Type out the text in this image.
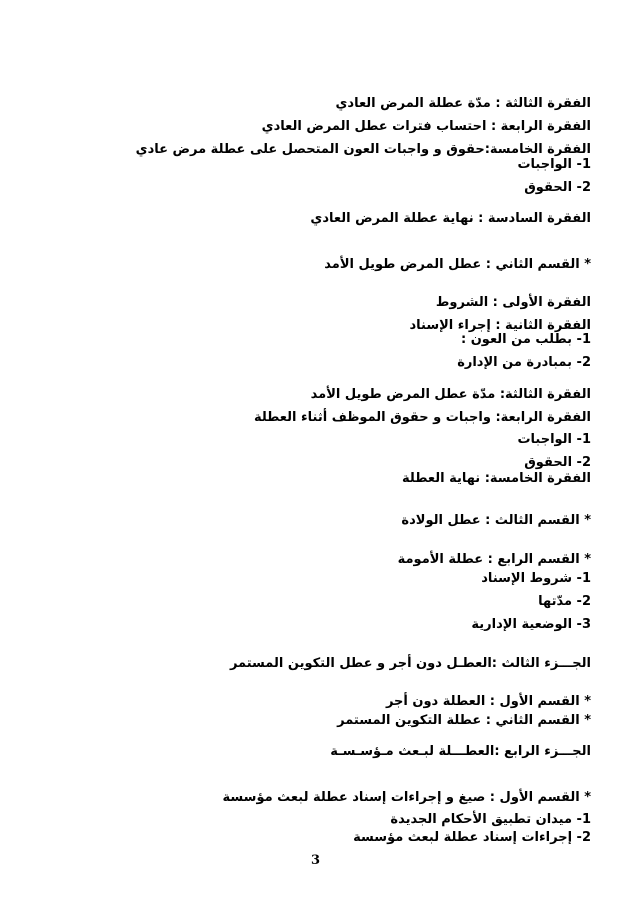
الفقرة الثالثة : مدّة عطلة المرض العادي
الفقرة الرابعة : احتساب فترات عطل المرض العادي
الفقرة الخامسة:حقوق و واجبات العون المتحصل على عطلة مرض عادي
1- الواجبات
2- الحقوق
الفقرة السادسة : نهاية عطلة المرض العادي
* القسم الثاني : عطل المرض طويل الأمد
الفقرة الأولى : الشروط
الفقرة الثانية : إجراء الإسناد
1- بطلب من العون :
2- بمبادرة من الإدارة
الفقرة الثالثة: مدّة عطل المرض طويل الأمد
الفقرة الرابعة: واجبات و حقوق الموظف أثناء العطلة
1- الواجبات
2- الحقوق
الفقرة الخامسة: نهاية العطلة
* القسم الثالث : عطل الولادة
* القسم الرابع : عطلة الأمومة
1- شروط الإسناد
2- مدّتها
3- الوضعية الإدارية
الجـــزء الثالث :العطـل دون أجر و عطل التكوين المستمر
* القسم الأول : العطلة دون أجر
* القسم الثاني : عطلة التكوين المستمر
الجـــزء الرابع :العطـــلة لبـعث مـؤسـسـة
* القسم الأول : صيغ و إجراءات إسناد عطلة لبعث مؤسسة
1- ميدان تطبيق الأحكام الجديدة
2- إجراءات إسناد عطلة لبعث مؤسسة
3
